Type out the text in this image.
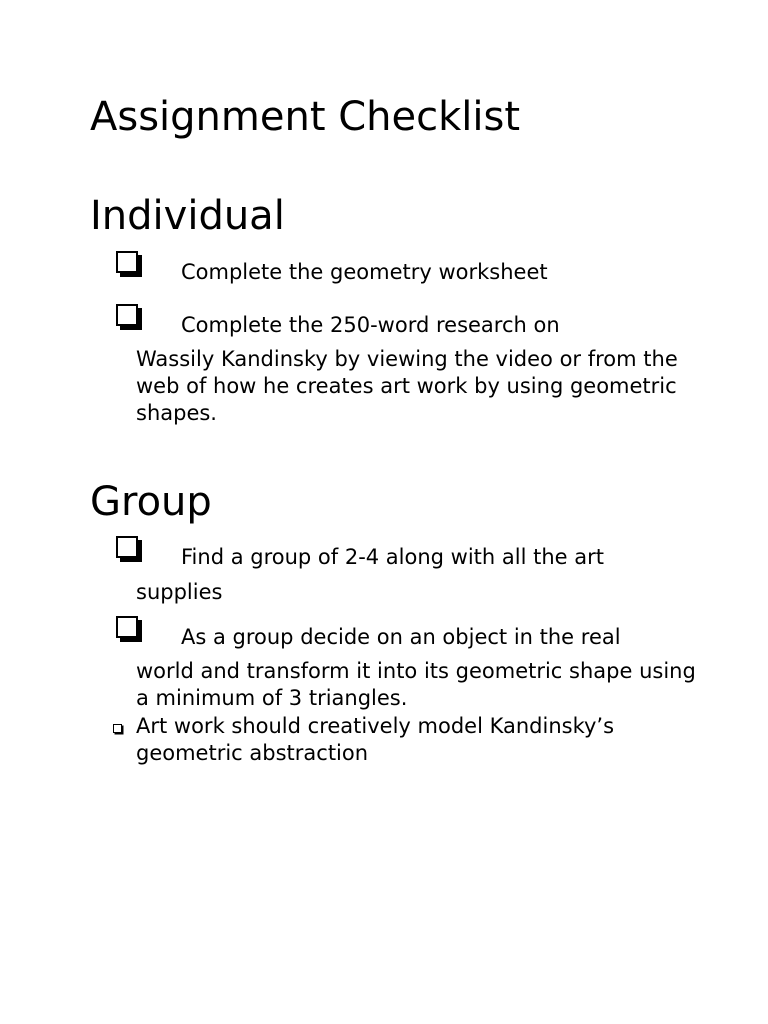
Assignment Checklist
Individual
Complete the geometry worksheet
Complete the 250-word research on

Wassily Kandinsky by viewing the video or from the web of how he creates art work by using geometric shapes.

Group
Find a group of 2-4 along with all the art

supplies

As a group decide on an object in the real

world and transform it into its geometric shape using a minimum of 3 triangles.

Art work should creatively model Kandinsky’s geometric abstraction
